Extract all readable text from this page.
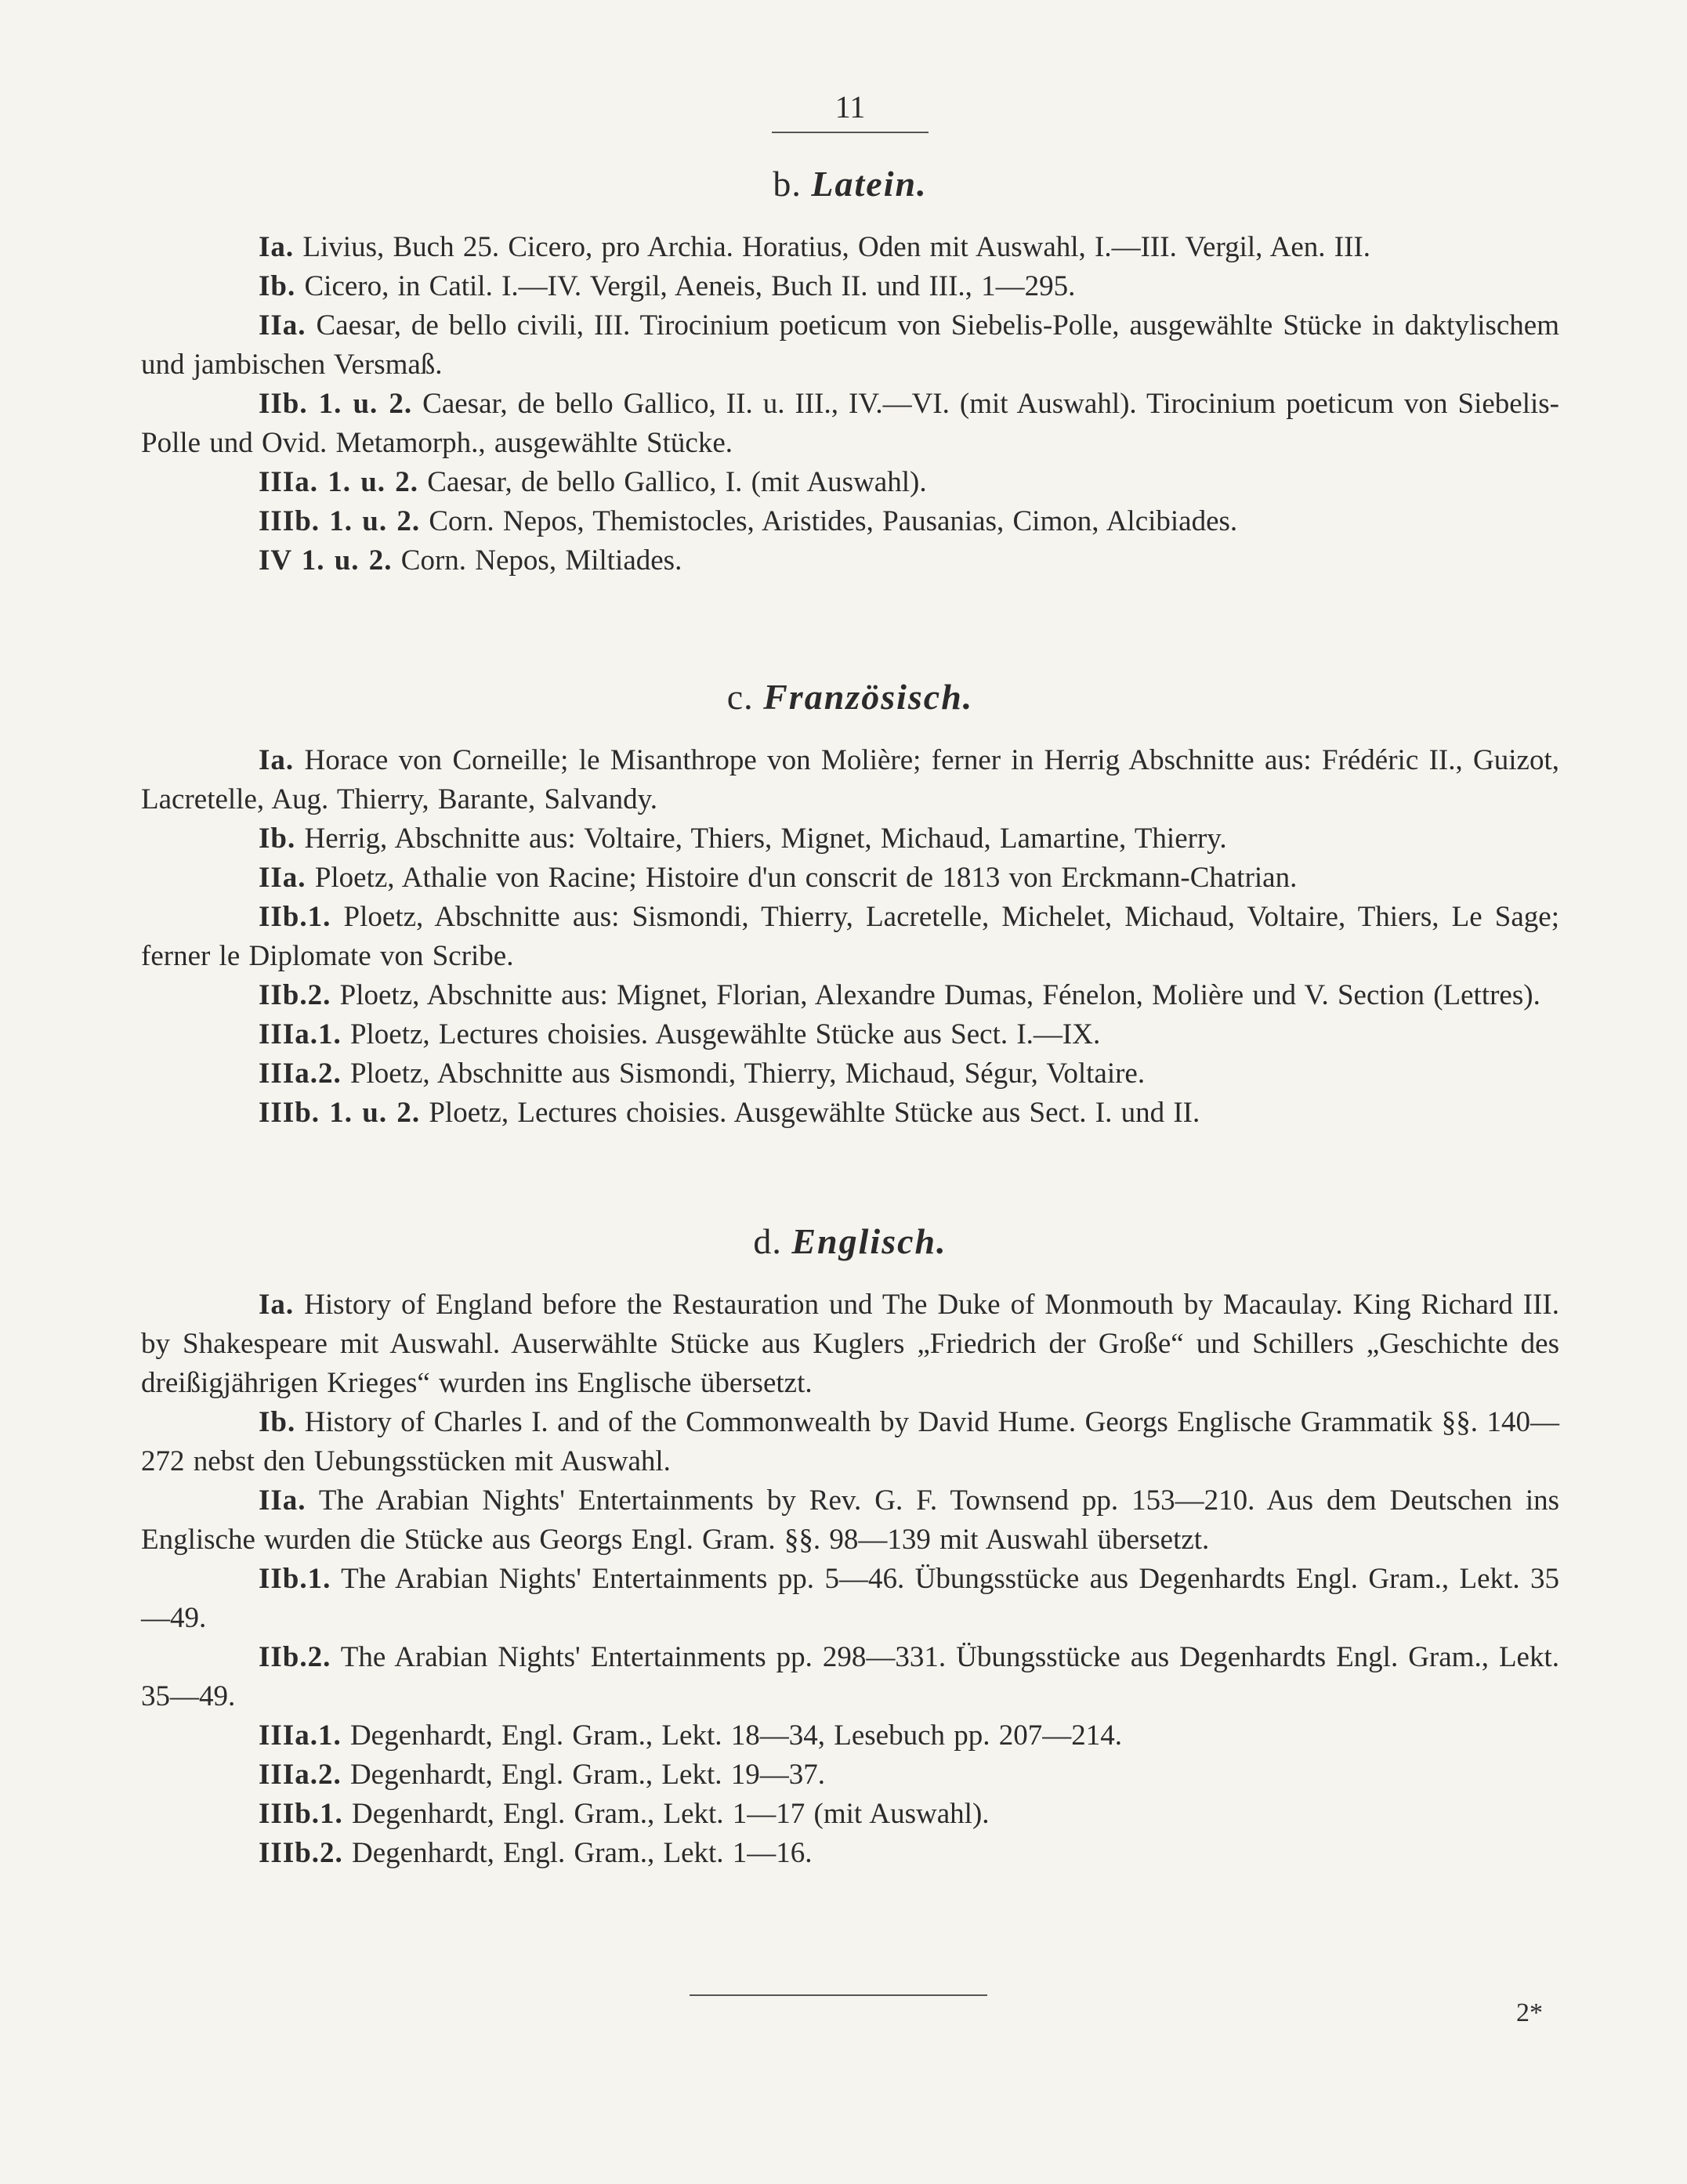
11
b. Latein.

Ia. Livius, Buch 25. Cicero, pro Archia. Horatius, Oden mit Auswahl, I.—III. Vergil, Aen. III.

Ib. Cicero, in Catil. I.—IV. Vergil, Aeneis, Buch II. und III., 1—295.

IIa. Caesar, de bello civili, III. Tirocinium poeticum von Siebelis-Polle, ausgewählte Stücke in daktylischem und jambischen Versmaß.

IIb. 1. u. 2. Caesar, de bello Gallico, II. u. III., IV.—VI. (mit Auswahl). Tirocinium poeticum von Siebelis-Polle und Ovid. Metamorph., ausgewählte Stücke.

IIIa. 1. u. 2. Caesar, de bello Gallico, I. (mit Auswahl).

IIIb. 1. u. 2. Corn. Nepos, Themistocles, Aristides, Pausanias, Cimon, Alcibiades.

IV 1. u. 2. Corn. Nepos, Miltiades.

c. Französisch.

Ia. Horace von Corneille; le Misanthrope von Molière; ferner in Herrig Abschnitte aus: Frédéric II., Guizot, Lacretelle, Aug. Thierry, Barante, Salvandy.

Ib. Herrig, Abschnitte aus: Voltaire, Thiers, Mignet, Michaud, Lamartine, Thierry.

IIa. Ploetz, Athalie von Racine; Histoire d'un conscrit de 1813 von Erckmann-Chatrian.

IIb.1. Ploetz, Abschnitte aus: Sismondi, Thierry, Lacretelle, Michelet, Michaud, Voltaire, Thiers, Le Sage; ferner le Diplomate von Scribe.

IIb.2. Ploetz, Abschnitte aus: Mignet, Florian, Alexandre Dumas, Fénelon, Molière und V. Section (Lettres).

IIIa.1. Ploetz, Lectures choisies. Ausgewählte Stücke aus Sect. I.—IX.

IIIa.2. Ploetz, Abschnitte aus Sismondi, Thierry, Michaud, Ségur, Voltaire.

IIIb. 1. u. 2. Ploetz, Lectures choisies. Ausgewählte Stücke aus Sect. I. und II.

d. Englisch.

Ia. History of England before the Restauration und The Duke of Monmouth by Macaulay. King Richard III. by Shakespeare mit Auswahl. Auserwählte Stücke aus Kuglers „Friedrich der Große“ und Schillers „Geschichte des dreißigjährigen Krieges“ wurden ins Englische übersetzt.

Ib. History of Charles I. and of the Commonwealth by David Hume. Georgs Englische Grammatik §§. 140—272 nebst den Uebungsstücken mit Auswahl.

IIa. The Arabian Nights' Entertainments by Rev. G. F. Townsend pp. 153—210. Aus dem Deutschen ins Englische wurden die Stücke aus Georgs Engl. Gram. §§. 98—139 mit Auswahl übersetzt.

IIb.1. The Arabian Nights' Entertainments pp. 5—46. Übungsstücke aus Degenhardts Engl. Gram., Lekt. 35—49.

IIb.2. The Arabian Nights' Entertainments pp. 298—331. Übungsstücke aus Degenhardts Engl. Gram., Lekt. 35—49.

IIIa.1. Degenhardt, Engl. Gram., Lekt. 18—34, Lesebuch pp. 207—214.

IIIa.2. Degenhardt, Engl. Gram., Lekt. 19—37.

IIIb.1. Degenhardt, Engl. Gram., Lekt. 1—17 (mit Auswahl).

IIIb.2. Degenhardt, Engl. Gram., Lekt. 1—16.

2*
